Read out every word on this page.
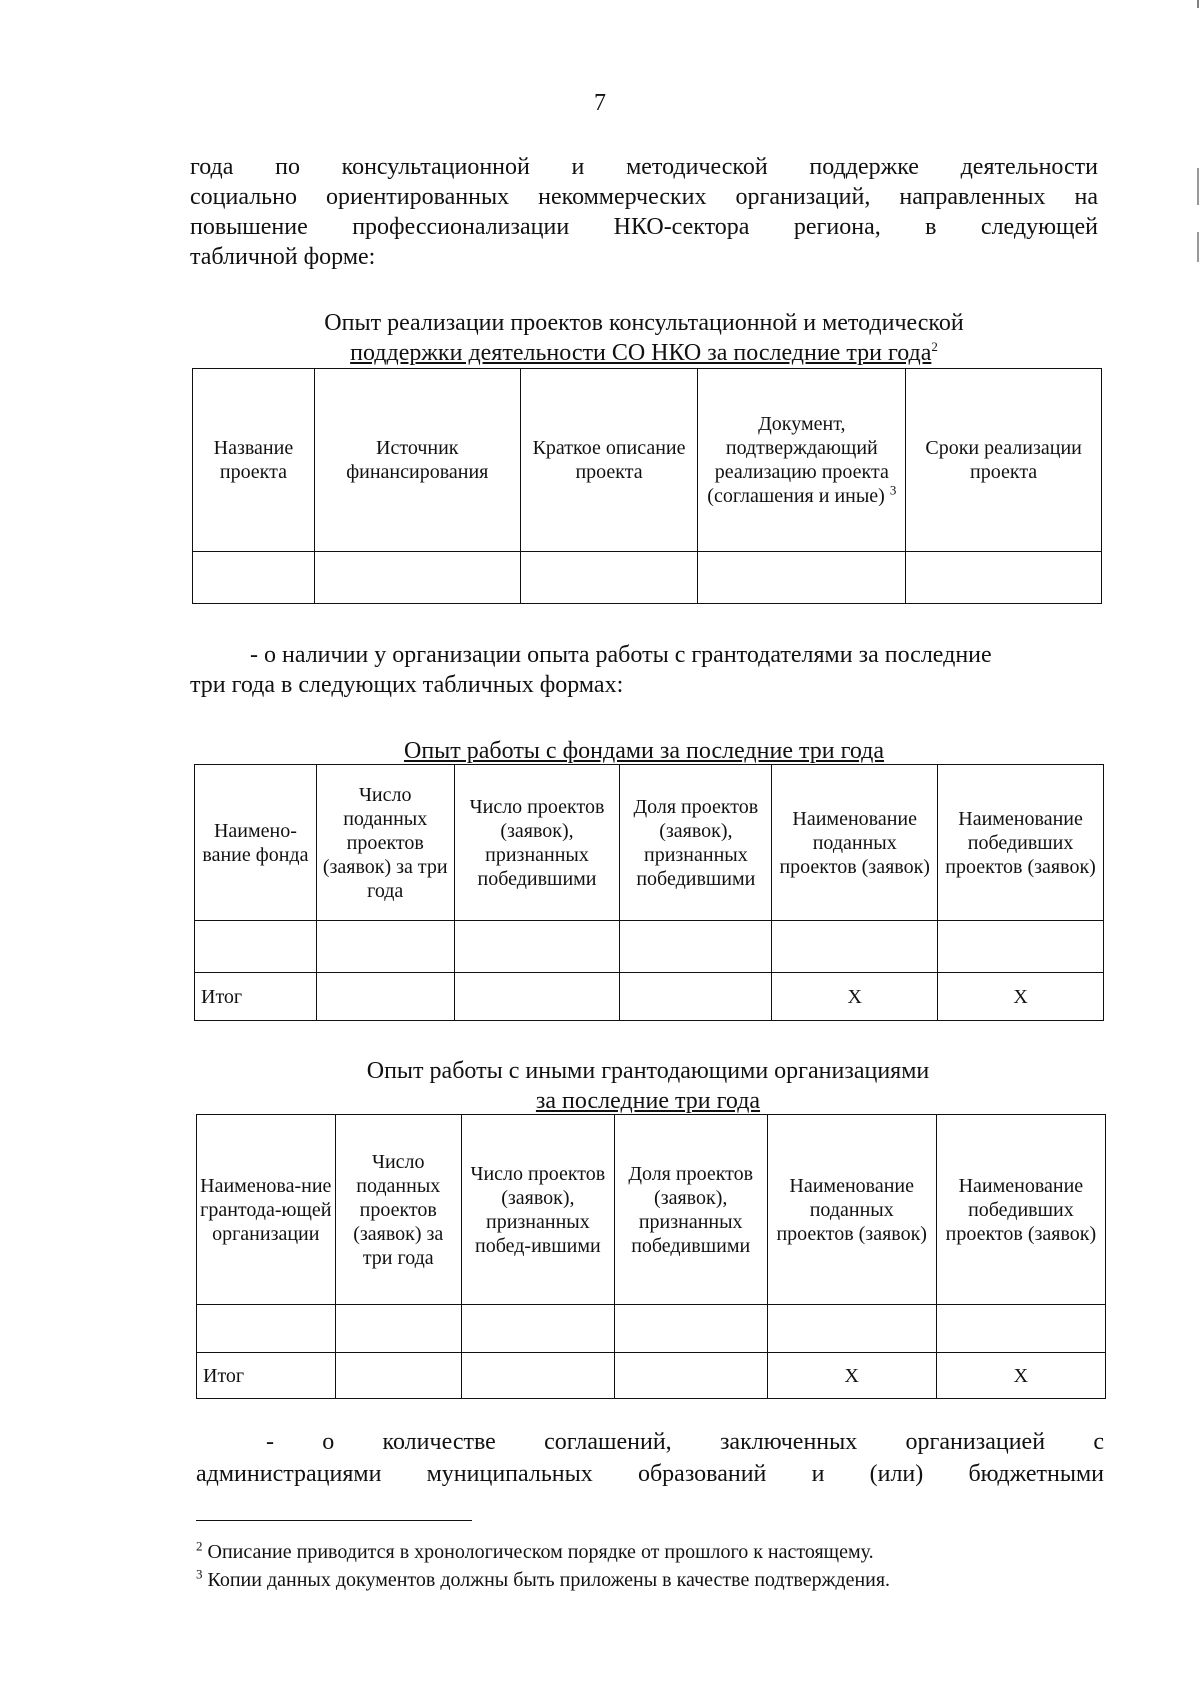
7
года по консультационной и методической поддержке деятельности
социально ориентированных некоммерческих организаций, направленных на
повышение профессионализации НКО-сектора региона, в следующей
табличной форме:
Опыт реализации проектов консультационной и методической
поддержки деятельности СО НКО за последние три года$^2$
Название проекта	Источник финансирования	Краткое описание проекта	Документ, подтверждающий реализацию проекта (соглашения и иные) $^3$	Сроки реализации проекта

- о наличии у организации опыта работы с грантодателями за последние
три года в следующих табличных формах:
Опыт работы с фондами за последние три года
Наимено-вание фонда	Число поданных проектов (заявок) за три года	Число проектов (заявок), признанных победившими	Доля проектов (заявок), признанных победившими	Наименование поданных проектов (заявок)	Наименование победивших проектов (заявок)

Итог				X	X
Опыт работы с иными грантодающими организациями
за последние три года
Наименова-ние грантода-ющей организации	Число поданных проектов (заявок) за три года	Число проектов (заявок), признанных побед-ившими	Доля проектов (заявок), признанных победившими	Наименование поданных проектов (заявок)	Наименование победивших проектов (заявок)

Итог				X	X
- о количестве соглашений, заключенных организацией с
администрациями муниципальных образований и (или) бюджетными
$^2$ Описание приводится в хронологическом порядке от прошлого к настоящему.
$^3$ Копии данных документов должны быть приложены в качестве подтверждения.
